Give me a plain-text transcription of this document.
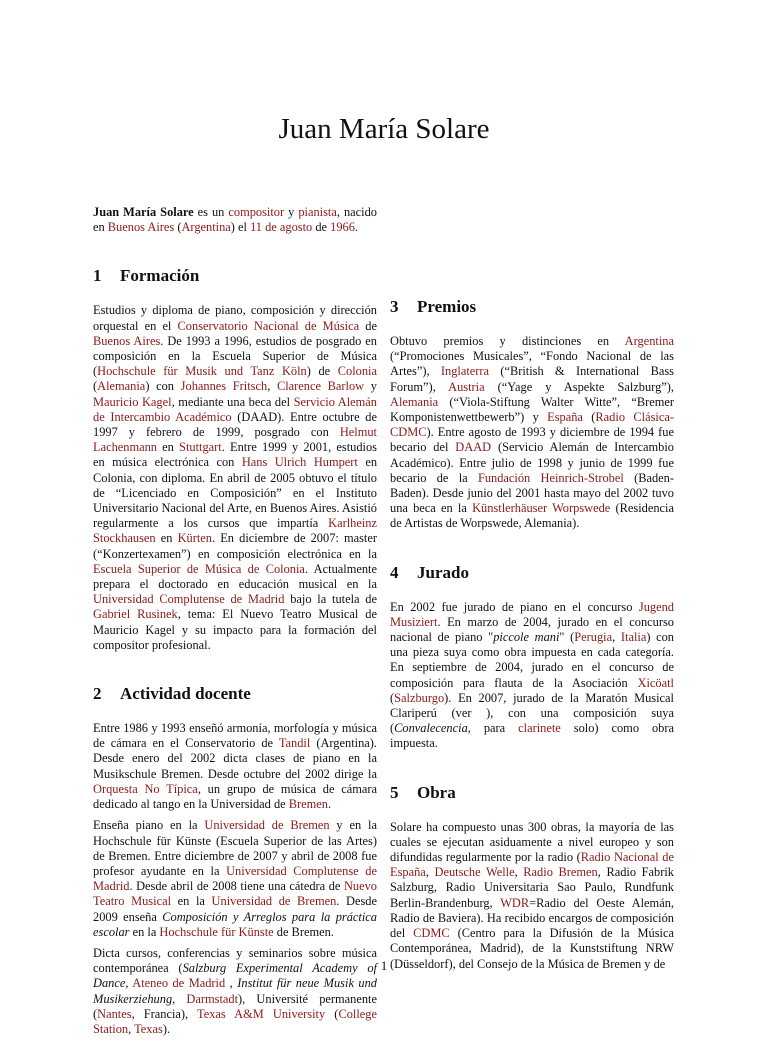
Juan María Solare

Juan María Solare es un compositor y pianista, nacido en Buenos Aires (Argentina) el 11 de agosto de 1966.

1 Formación

Estudios y diploma de piano, composición y dirección orquestal en el Conservatorio Nacional de Música de Buenos Aires. De 1993 a 1996, estudios de posgrado en composición en la Escuela Superior de Música (Hochschule für Musik und Tanz Köln) de Colonia (Alemania) con Johannes Fritsch, Clarence Barlow y Mauricio Kagel, mediante una beca del Servicio Alemán de Intercambio Académico (DAAD). Entre octubre de 1997 y febrero de 1999, posgrado con Helmut Lachenmann en Stuttgart. Entre 1999 y 2001, estudios en música electrónica con Hans Ulrich Humpert en Colonia, con diploma. En abril de 2005 obtuvo el título de “Licenciado en Composición” en el Instituto Universitario Nacional del Arte, en Buenos Aires. Asistió regularmente a los cursos que impartía Karlheinz Stockhausen en Kürten. En diciembre de 2007: master (“Konzertexamen”) en composición electrónica en la Escuela Superior de Música de Colonia. Actualmente prepara el doctorado en educación musical en la Universidad Complutense de Madrid bajo la tutela de Gabriel Rusinek, tema: El Nuevo Teatro Musical de Mauricio Kagel y su impacto para la formación del compositor profesional.

2 Actividad docente

Entre 1986 y 1993 enseñó armonía, morfología y música de cámara en el Conservatorio de Tandil (Argentina). Desde enero del 2002 dicta clases de piano en la Musikschule Bremen. Desde octubre del 2002 dirige la Orquesta No Típica, un grupo de música de cámara dedicado al tango en la Universidad de Bremen.

Enseña piano en la Universidad de Bremen y en la Hochschule für Künste (Escuela Superior de las Artes) de Bremen. Entre diciembre de 2007 y abril de 2008 fue profesor ayudante en la Universidad Complutense de Madrid. Desde abril de 2008 tiene una cátedra de Nuevo Teatro Musical en la Universidad de Bremen. Desde 2009 enseña Composición y Arreglos para la práctica escolar en la Hochschule für Künste de Bremen.

Dicta cursos, conferencias y seminarios sobre música contemporánea (Salzburg Experimental Academy of Dance, Ateneo de Madrid , Institut für neue Musik und Musikerziehung, Darmstadt), Université permanente (Nantes, Francia), Texas A&M University (College Station, Texas).

3 Premios

Obtuvo premios y distinciones en Argentina (“Promociones Musicales”, “Fondo Nacional de las Artes”), Inglaterra (“British & International Bass Forum”), Austria (“Yage y Aspekte Salzburg”), Alemania (“Viola-Stiftung Walter Witte”, “Bremer Komponistenwettbewerb”) y España (Radio Clásica-CDMC). Entre agosto de 1993 y diciembre de 1994 fue becario del DAAD (Servicio Alemán de Intercambio Académico). Entre julio de 1998 y junio de 1999 fue becario de la Fundación Heinrich-Strobel (Baden-Baden). Desde junio del 2001 hasta mayo del 2002 tuvo una beca en la Künstlerhäuser Worpswede (Residencia de Artistas de Worpswede, Alemania).

4 Jurado

En 2002 fue jurado de piano en el concurso Jugend Musiziert. En marzo de 2004, jurado en el concurso nacional de piano "piccole mani" (Perugia, Italia) con una pieza suya como obra impuesta en cada categoría. En septiembre de 2004, jurado en el concurso de composición para flauta de la Asociación Xicöatl (Salzburgo). En 2007, jurado de la Maratón Musical Clariperú (ver ), con una composición suya (Convalecencia, para clarinete solo) como obra impuesta.

5 Obra

Solare ha compuesto unas 300 obras, la mayoría de las cuales se ejecutan asiduamente a nivel europeo y son difundidas regularmente por la radio (Radio Nacional de España, Deutsche Welle, Radio Bremen, Radio Fabrik Salzburg, Radio Universitaria Sao Paulo, Rundfunk Berlin-Brandenburg, WDR=Radio del Oeste Alemán, Radio de Baviera). Ha recibido encargos de composición del CDMC (Centro para la Difusión de la Música Contemporánea, Madrid), de la Kunststiftung NRW (Düsseldorf), del Consejo de la Música de Bremen y de

1
